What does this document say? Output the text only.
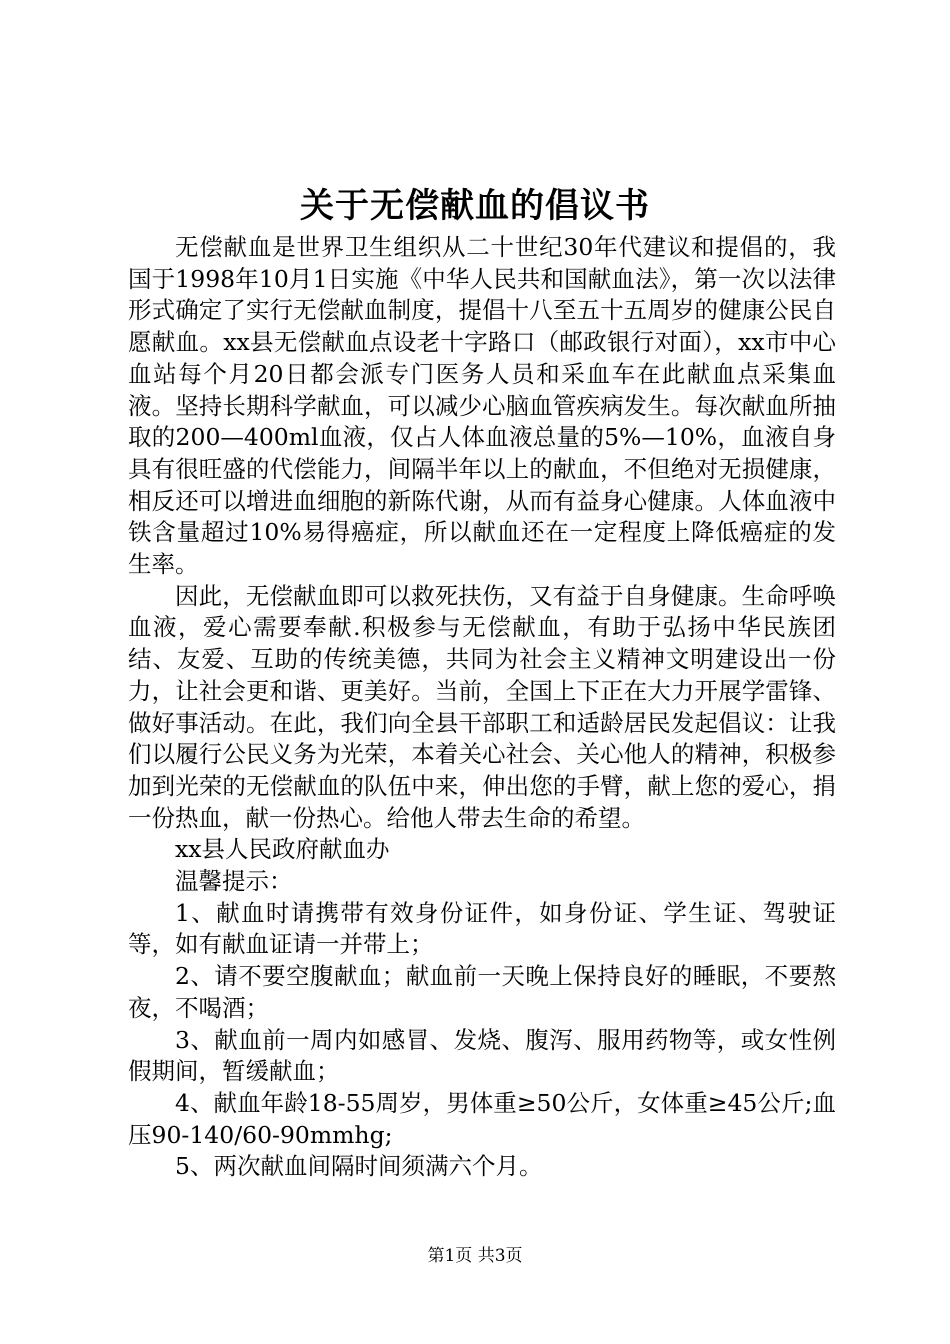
关于无偿献血的倡议书

无偿献血是世界卫生组织从二十世纪30年代建议和提倡的，我国于1998年10月1日实施《中华人民共和国献血法》，第一次以法律形式确定了实行无偿献血制度，提倡十八至五十五周岁的健康公民自愿献血。xx县无偿献血点设老十字路口（邮政银行对面），xx市中心血站每个月20日都会派专门医务人员和采血车在此献血点采集血液。坚持长期科学献血，可以减少心脑血管疾病发生。每次献血所抽取的200—400ml血液，仅占人体血液总量的5%—10%，血液自身具有很旺盛的代偿能力，间隔半年以上的献血，不但绝对无损健康，相反还可以增进血细胞的新陈代谢，从而有益身心健康。人体血液中铁含量超过10%易得癌症，所以献血还在一定程度上降低癌症的发生率。

因此，无偿献血即可以救死扶伤，又有益于自身健康。生命呼唤血液，爱心需要奉献.积极参与无偿献血，有助于弘扬中华民族团结、友爱、互助的传统美德，共同为社会主义精神文明建设出一份力，让社会更和谐、更美好。当前，全国上下正在大力开展学雷锋、做好事活动。在此，我们向全县干部职工和适龄居民发起倡议：让我们以履行公民义务为光荣，本着关心社会、关心他人的精神，积极参加到光荣的无偿献血的队伍中来，伸出您的手臂，献上您的爱心，捐一份热血，献一份热心。给他人带去生命的希望。

xx县人民政府献血办

温馨提示：

1、献血时请携带有效身份证件，如身份证、学生证、驾驶证等，如有献血证请一并带上；

2、请不要空腹献血；献血前一天晚上保持良好的睡眠，不要熬夜，不喝酒；

3、献血前一周内如感冒、发烧、腹泻、服用药物等，或女性例假期间，暂缓献血；

4、献血年龄18-55周岁，男体重≥50公斤，女体重≥45公斤;血压90-140/60-90mmhg;

5、两次献血间隔时间须满六个月。

第1页 共3页
